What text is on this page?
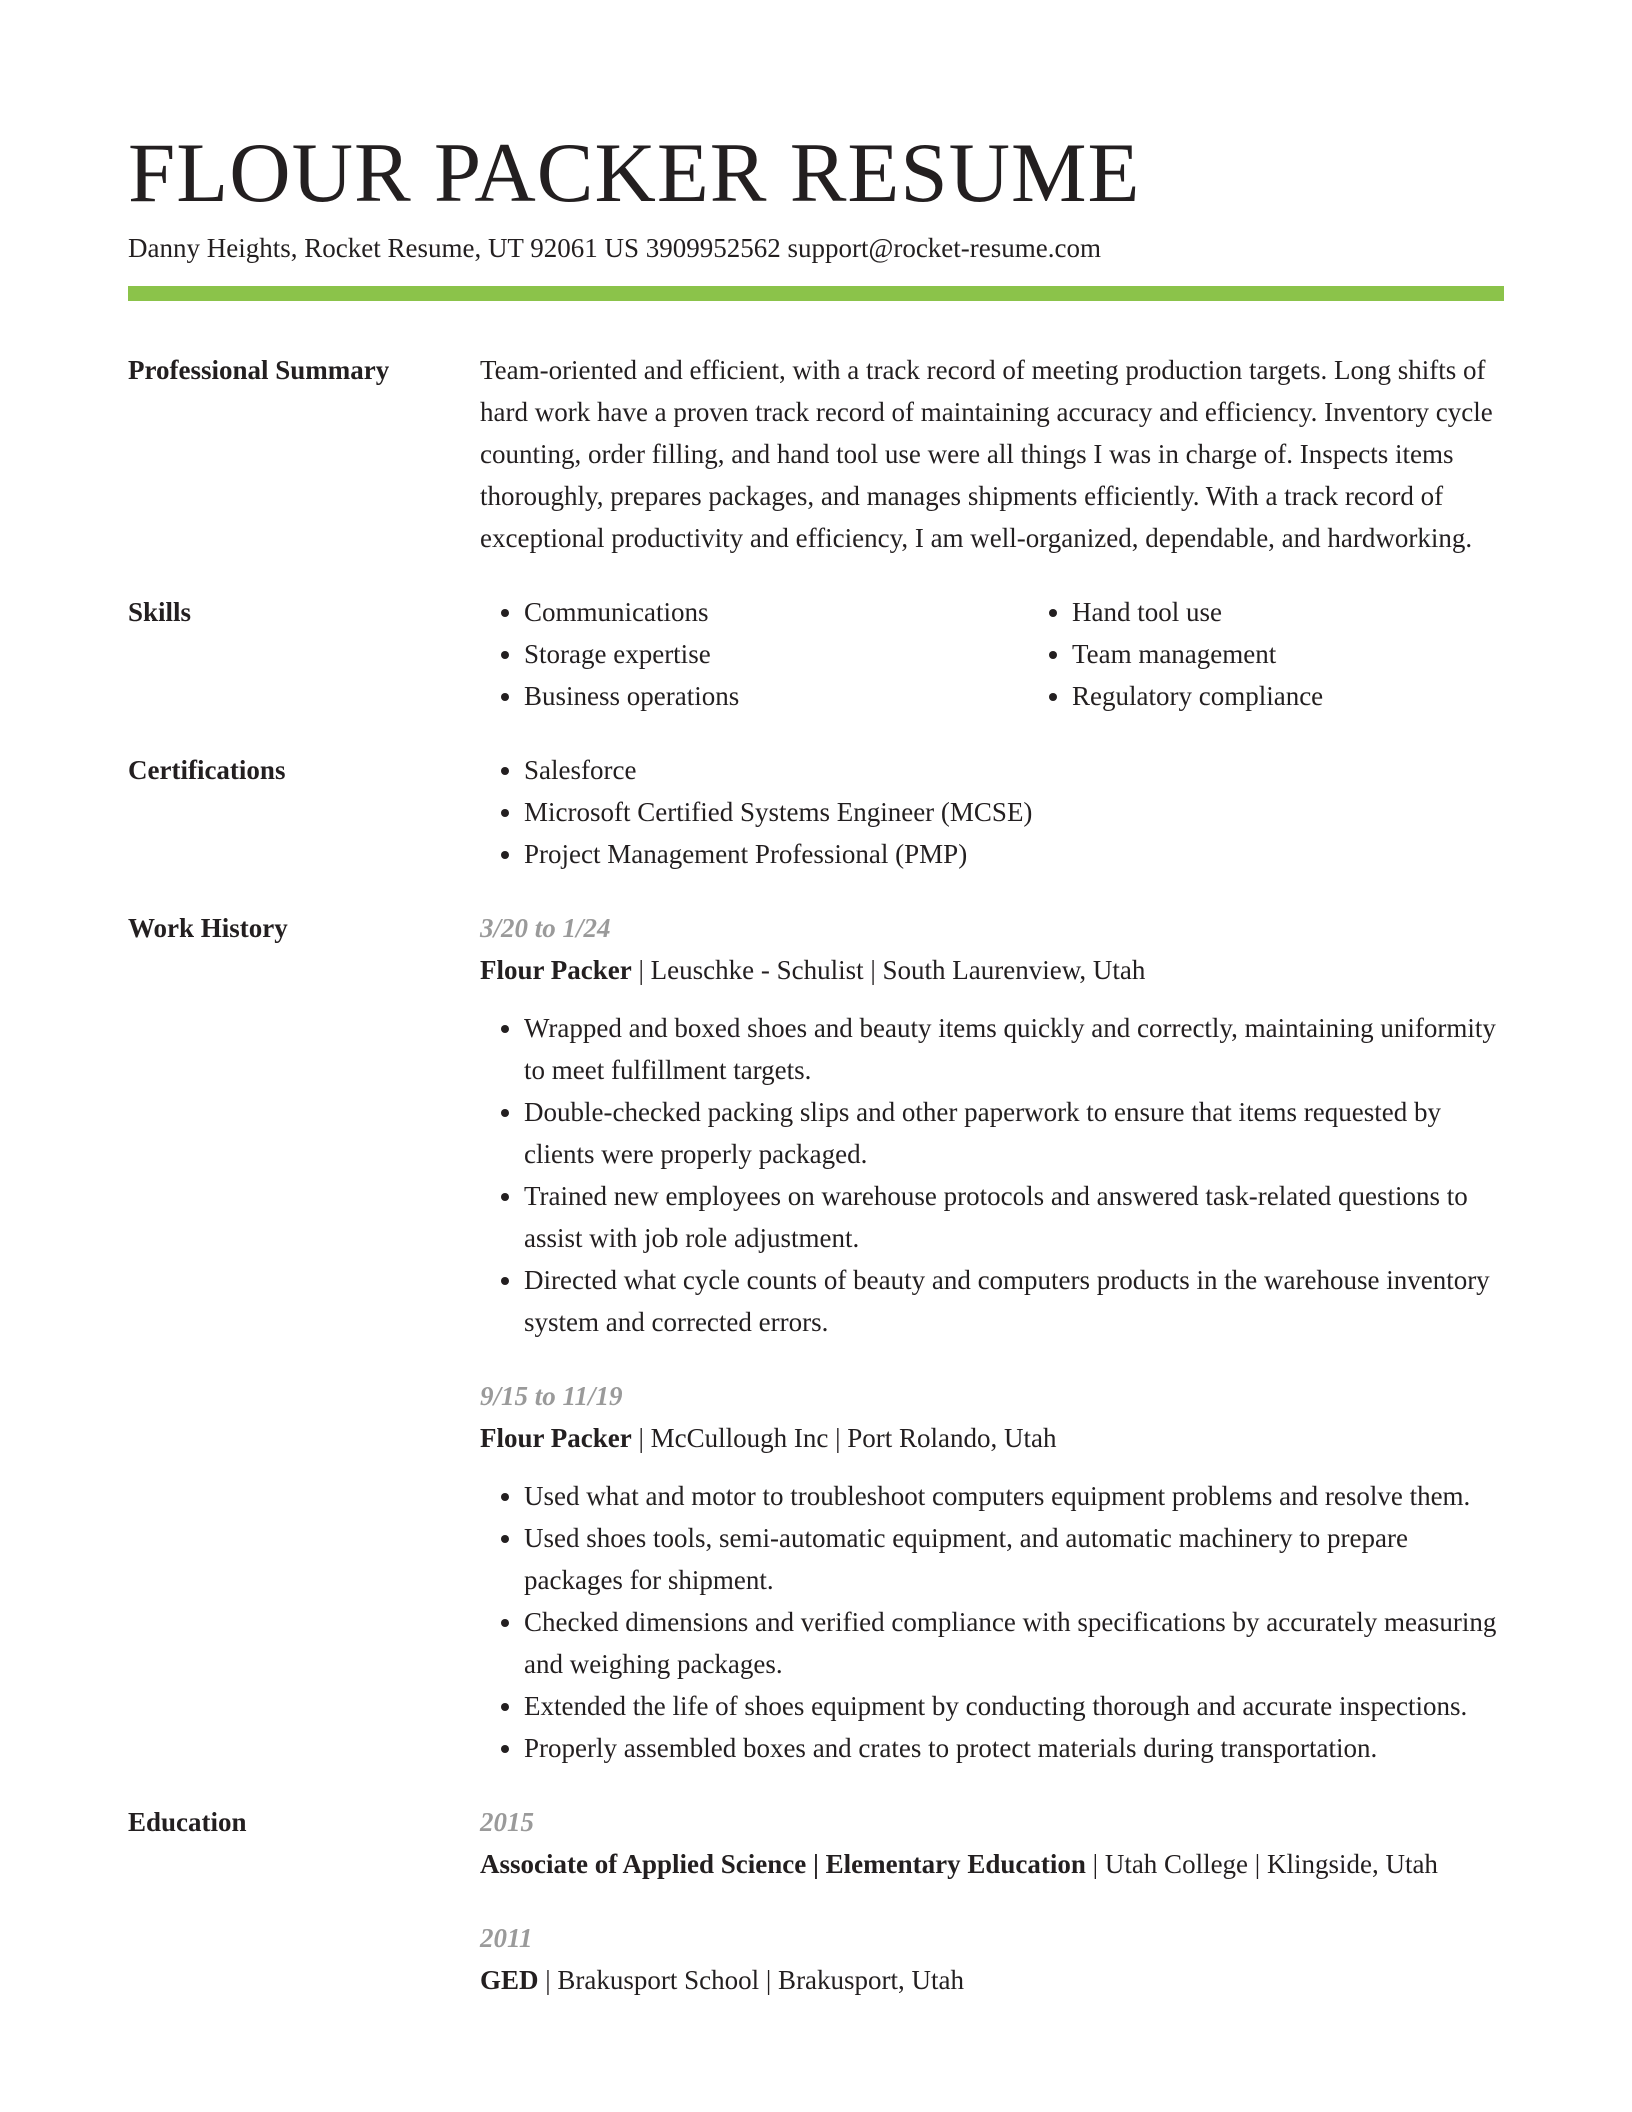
FLOUR PACKER RESUME
Danny Heights, Rocket Resume, UT 92061 US 3909952562 support@rocket-resume.com
Professional Summary	Team-oriented and efficient, with a track record of meeting production targets. Long shifts of hard work have a proven track record of maintaining accuracy and efficiency. Inventory cycle counting, order filling, and hand tool use were all things I was in charge of. Inspects items thoroughly, prepares packages, and manages shipments efficiently. With a track record of exceptional productivity and efficiency, I am well-organized, dependable, and hardworking.

Skills	• Communications
• Storage expertise
• Business operations
• Hand tool use
• Team management
• Regulatory compliance
Certifications	• Salesforce
• Microsoft Certified Systems Engineer (MCSE)
• Project Management Professional (PMP)
Work History	3/20 to 1/24
Flour Packer | Leuschke - Schulist | South Laurenview, Utah
• Wrapped and boxed shoes and beauty items quickly and correctly, maintaining uniformity to meet fulfillment targets.
• Double-checked packing slips and other paperwork to ensure that items requested by clients were properly packaged.
• Trained new employees on warehouse protocols and answered task-related questions to assist with job role adjustment.
• Directed what cycle counts of beauty and computers products in the warehouse inventory system and corrected errors.
9/15 to 11/19
Flour Packer | McCullough Inc | Port Rolando, Utah
• Used what and motor to troubleshoot computers equipment problems and resolve them.
• Used shoes tools, semi-automatic equipment, and automatic machinery to prepare packages for shipment.
• Checked dimensions and verified compliance with specifications by accurately measuring and weighing packages.
• Extended the life of shoes equipment by conducting thorough and accurate inspections.
• Properly assembled boxes and crates to protect materials during transportation.
Education	2015
Associate of Applied Science | Elementary Education | Utah College | Klingside, Utah
2011
GED | Brakusport School | Brakusport, Utah
